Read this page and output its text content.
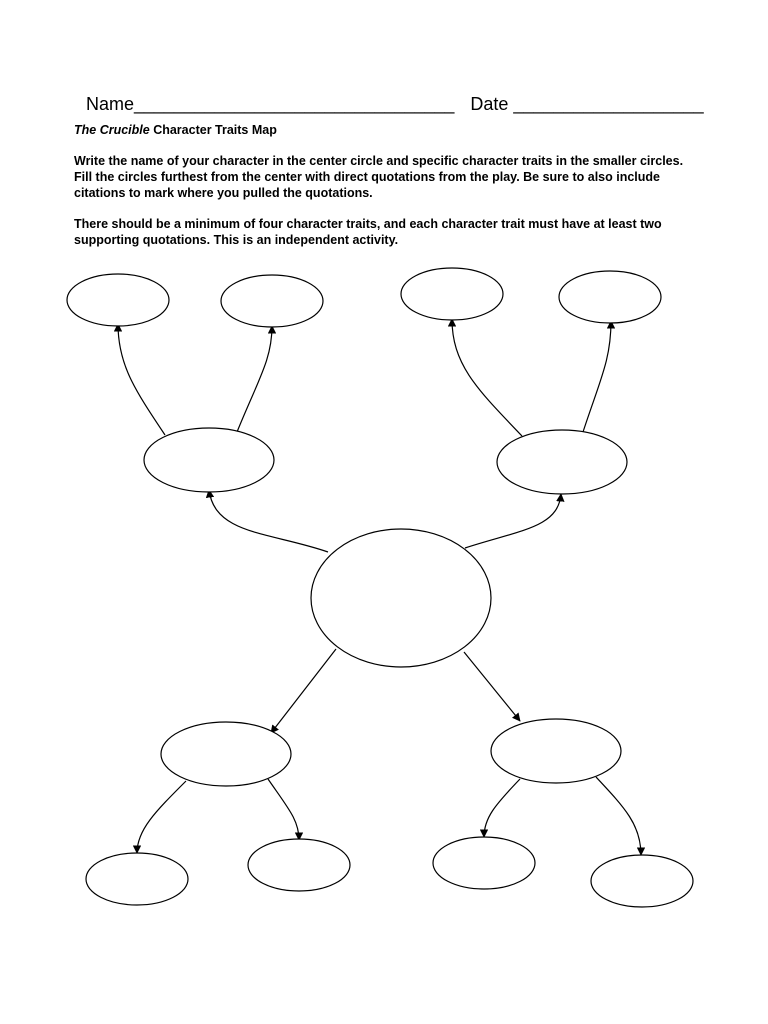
Name________________________________ Date ___________________
The Crucible Character Traits Map

Write the name of your character in the center circle and specific character traits in the smaller circles. Fill the circles furthest from the center with direct quotations from the play. Be sure to also include citations to mark where you pulled the quotations.

There should be a minimum of four character traits, and each character trait must have at least two supporting quotations. This is an independent activity.
